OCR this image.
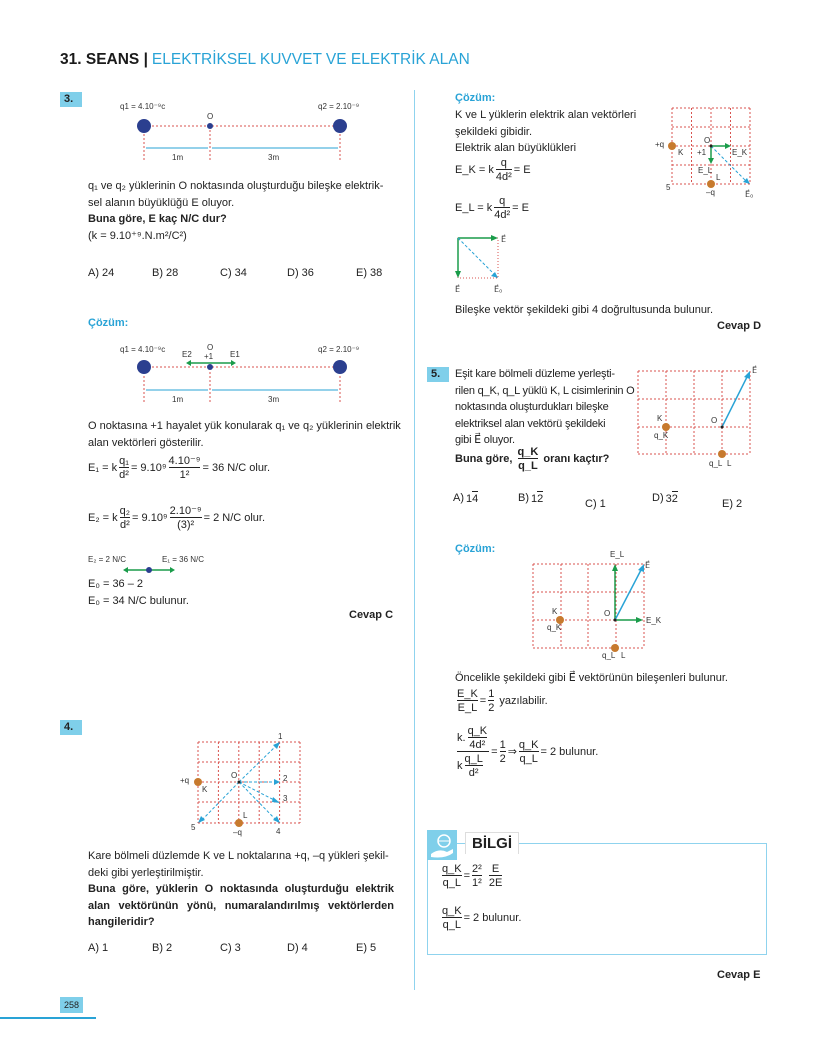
31. SEANS | ELEKTRİKSEL KUVVET VE ELEKTRİK ALAN
3.
q1 = 4.10⁻⁹c	q2 = 2.10⁻⁹
O
1m	3m
q₁ ve q₂ yüklerinin O noktasında oluşturduğu bileşke elektrik-
sel alanın büyüklüğü E oluyor.
Buna göre, E kaç N/C dur?
(k = 9.10⁺⁹.N.m²/C²)
A) 24	B) 28	C) 34	D) 36	E) 38
Çözüm:
q1 = 4.10⁻⁹c	q2 = 2.10⁻⁹
O
E2 +1 E1
1m	3m
O noktasına +1 hayalet yük konularak q₁ ve q₂ yüklerinin elektrik
alan vektörleri gösterilir.
E₁ = k $\frac{\text{q₁}}{\text{d²}} = 9.10^9 \frac{\text{4.10⁻⁹}}{\text{1²}} = 36$ N/C olur.
E₂ = k $\frac{\text{q₂}}{\text{d²}} = 9.10^9 \frac{\text{2.10⁻⁹}}{\text{(3)²}} = 2$ N/C olur.
E₂ = 2 N/C	E₁ = 36 N/C
E₀ = 36 – 2
E₀ = 34 N/C bulunur.
Cevap C
4.
1
2
3
4
5
+q
K
O
L
–q
Kare bölmeli düzlemde K ve L noktalarına +q, –q yükleri şekil-
deki gibi yerleştirilmiştir.
Buna göre, yüklerin O noktasında oluşturduğu elektrik
alan vektörünün yönü, numaralandırılmış vektörlerden
hangileridir?
A) 1	B) 2	C) 3	D) 4	E) 5
Çözüm:
K ve L yüklerin elektrik alan vektörleri
şekildeki gibidir.
Elektrik alan büyüklükleri
E_K = k $\frac{q}{\text{4d²}} = E$
E_L = k $\frac{q}{\text{4d²}} = E$
+q
K
O
+1	E_K
E_L
L
–q
5
E⃗₀
E⃗
E⃗	E⃗₀
Bileşke vektör şekildeki gibi 4 doğrultusunda bulunur.
Cevap D
5.	Eşit kare bölmeli düzleme yerleşti-
rilen q_K, q_L yüklü K, L cisimlerinin O
noktasında oluşturdukları bileşke
elektriksel alan vektörü şekildeki
gibi E⃗ oluyor.
Buna göre, $\frac{q\_K}{q\_L}$ oranı kaçtır?
K
q_K
O
q_L L
E⃗
A) 14	B) 12	C) 1	D) 32	E) 2
Çözüm:
K
q_K
O
q_L L
E⃗
E_L
E_K
Öncelikle şekildeki gibi E⃗ vektörünün bileşenleri bulunur.
$\frac{E\_K}{E\_L} = \frac{1}{2}$ yazılabilir.
$\frac{k. \frac{q\_K}{\text{4d²}}}{k \frac{q\_L}{\text{d²}}} = \frac{1}{2}$ ⇒ $\frac{q\_K}{q\_L} = 2$ bulunur.
BİLGİ
$\frac{q\_K}{q\_L} = \frac{\text{2²}}{\text{1²}}$
$\frac{E}{2E}$
$\frac{q\_K}{q\_L} = 2$ bulunur.
Cevap E
258
